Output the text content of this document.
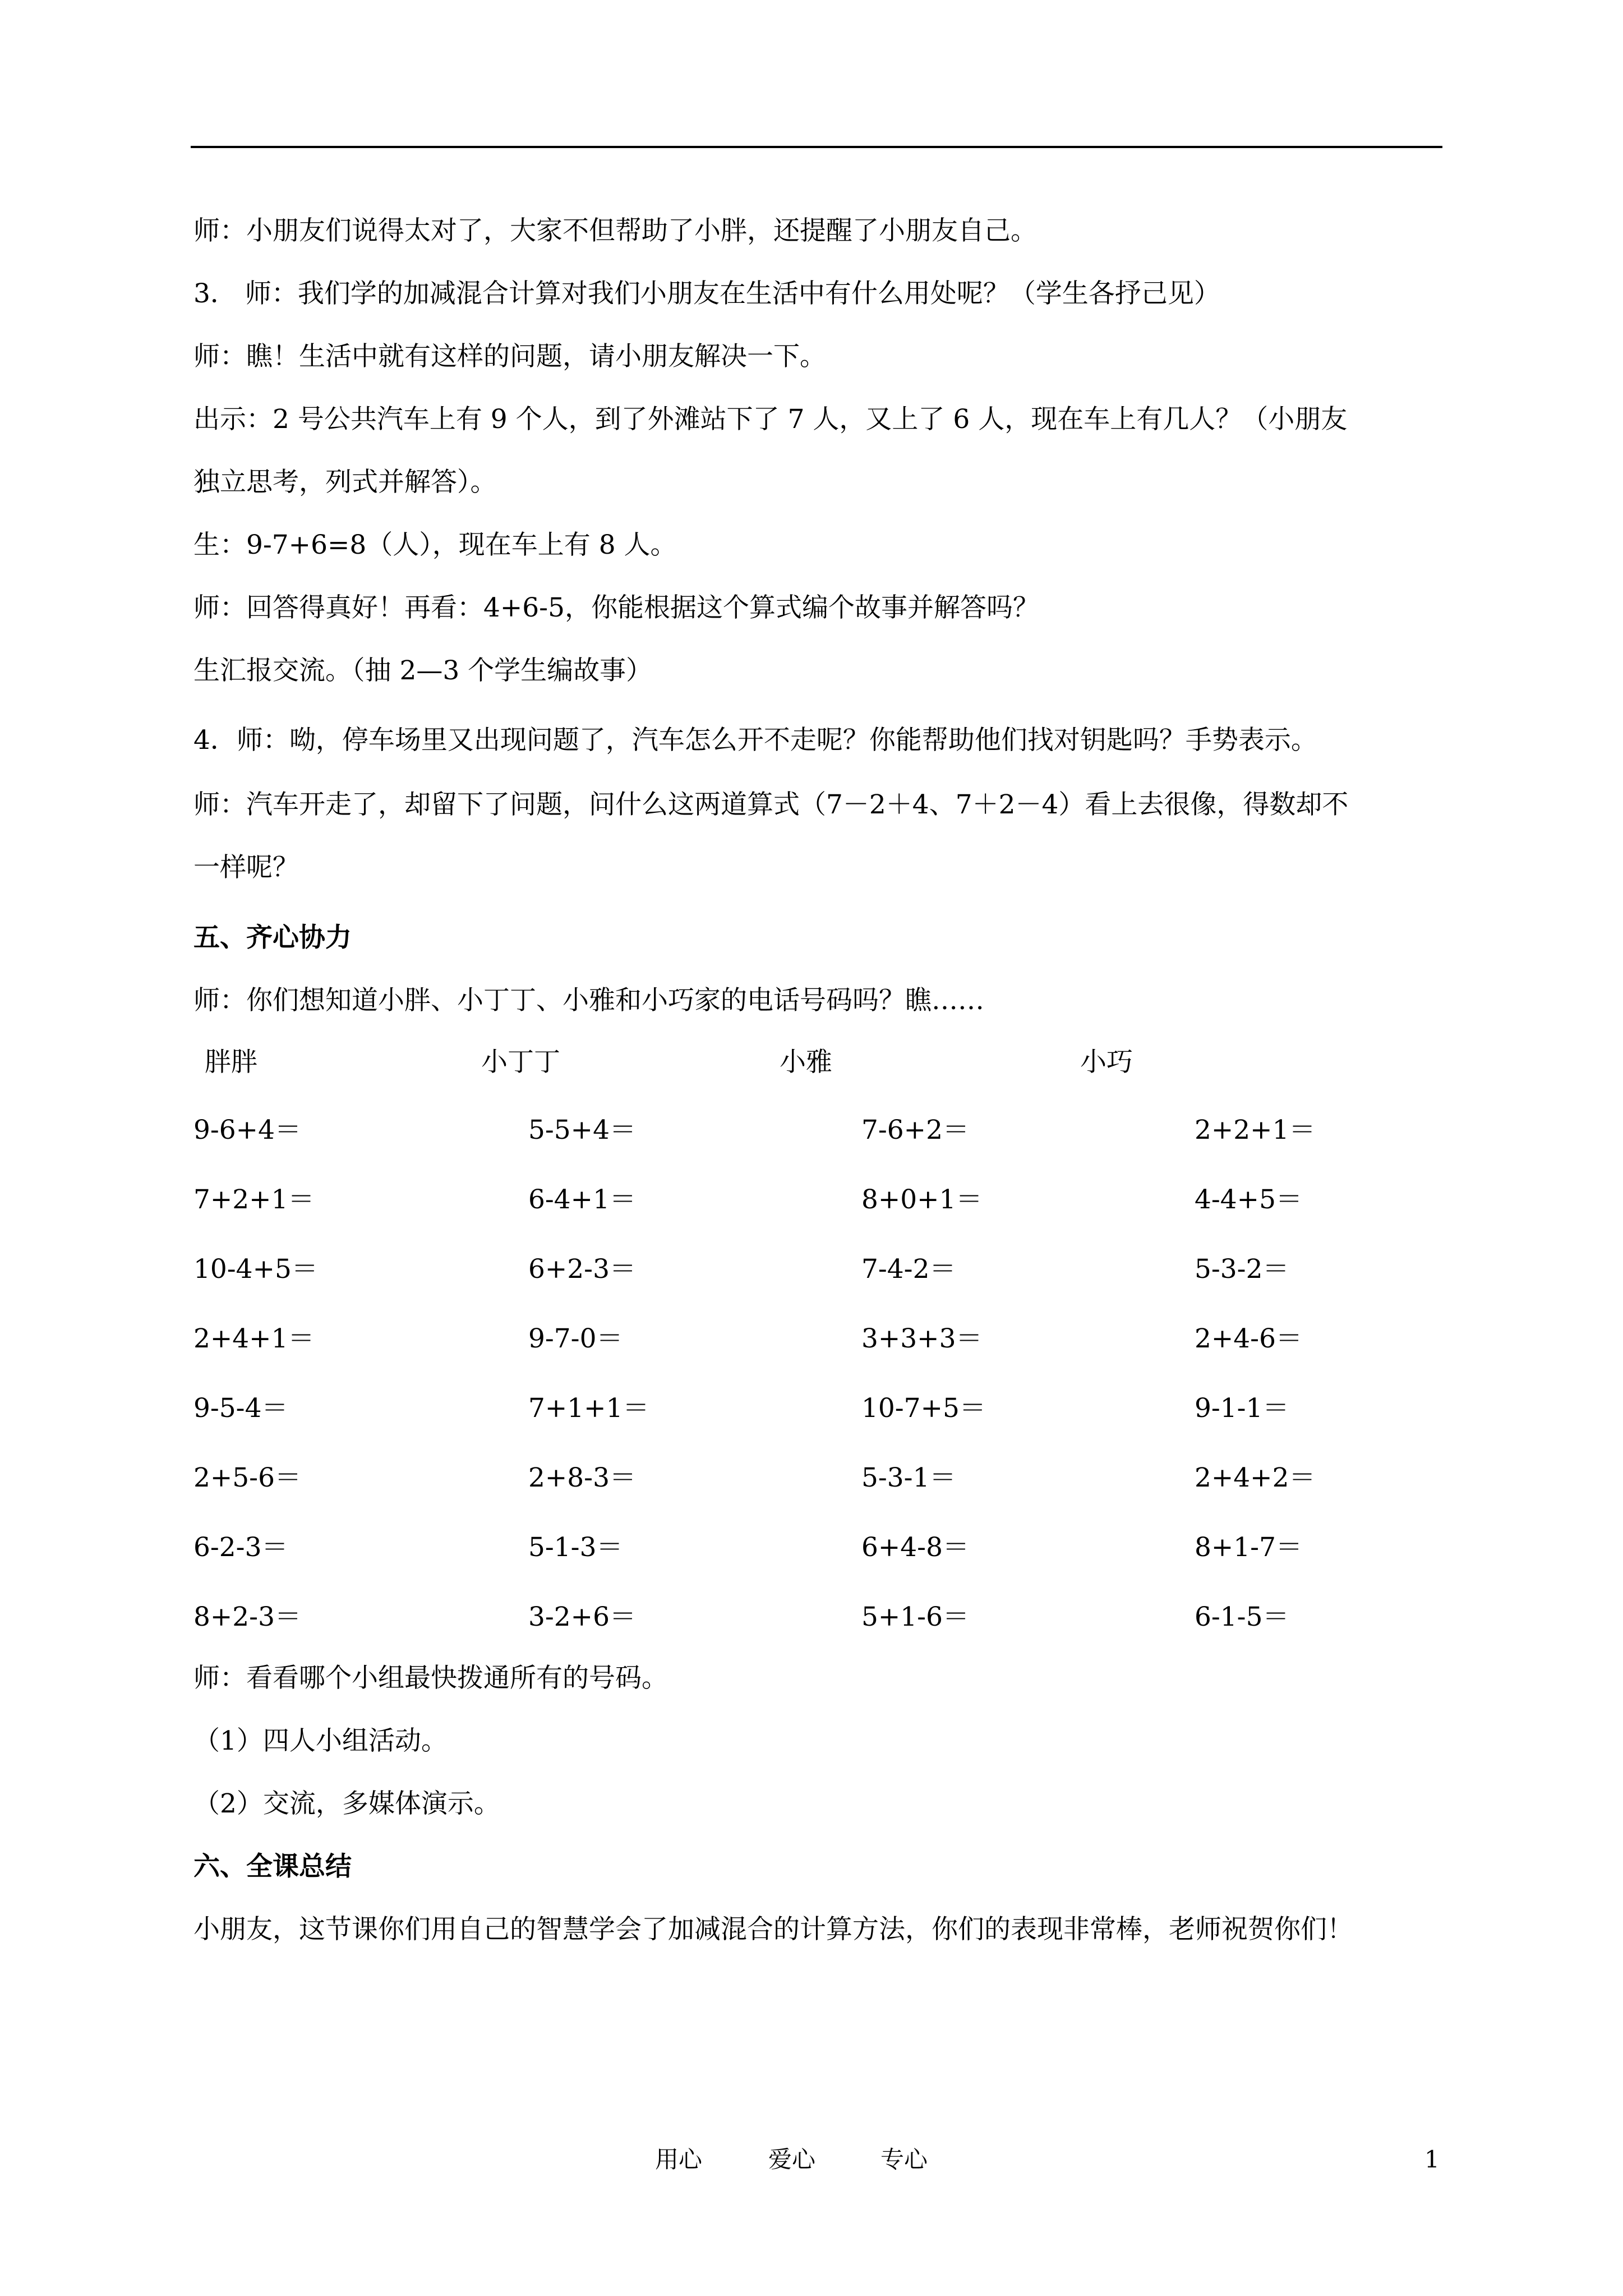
师：小朋友们说得太对了，大家不但帮助了小胖，还提醒了小朋友自己。
3． 师：我们学的加减混合计算对我们小朋友在生活中有什么用处呢？（学生各抒己见）
师：瞧！生活中就有这样的问题，请小朋友解决一下。
出示：2 号公共汽车上有 9 个人，到了外滩站下了 7 人，又上了 6 人，现在车上有几人？（小朋友
独立思考，列式并解答）。
生：9-7+6=8（人），现在车上有 8 人。
师：回答得真好！再看：4+6-5，你能根据这个算式编个故事并解答吗？
生汇报交流。（抽 2—3 个学生编故事）
4．师：呦，停车场里又出现问题了，汽车怎么开不走呢？你能帮助他们找对钥匙吗？手势表示。
师：汽车开走了，却留下了问题，问什么这两道算式（7－2＋4、7＋2－4）看上去很像，得数却不
一样呢？
五、齐心协力
师：你们想知道小胖、小丁丁、小雅和小巧家的电话号码吗？瞧……
胖胖	小丁丁	小雅	小巧
9-6+4＝	5-5+4＝	7-6+2＝	2+2+1＝
7+2+1＝	6-4+1＝	8+0+1＝	4-4+5＝
10-4+5＝	6+2-3＝	7-4-2＝	5-3-2＝
2+4+1＝	9-7-0＝	3+3+3＝	2+4-6＝
9-5-4＝	7+1+1＝	10-7+5＝	9-1-1＝
2+5-6＝	2+8-3＝	5-3-1＝	2+4+2＝
6-2-3＝	5-1-3＝	6+4-8＝	8+1-7＝
8+2-3＝	3-2+6＝	5+1-6＝	6-1-5＝
师：看看哪个小组最快拨通所有的号码。
（1）四人小组活动。
（2）交流，多媒体演示。
六、全课总结
小朋友，这节课你们用自己的智慧学会了加减混合的计算方法，你们的表现非常棒，老师祝贺你们！
用心	爱心	专心	1
